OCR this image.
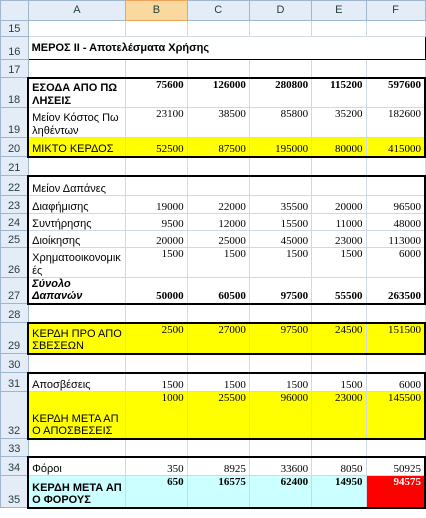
	A	B	C	D	E	F
15						
16	ΜΕΡΟΣ ΙΙ - Αποτελέσματα Χρήσης					
17						
18	ΕΣΟΔΑ ΑΠΟ ΠΩΛΗΣΕΙΣ	75600	126000	280800	115200	597600
19	Μείον Κόστος Πωληθέντων	23100	38500	85800	35200	182600
20	ΜΙΚΤΟ ΚΕΡΔΟΣ	52500	87500	195000	80000	415000
21						
22	Μείον Δαπάνες					
23	Διαφήμισης	19000	22000	35500	20000	96500
24	Συντήρησης	9500	12000	15500	11000	48000
25	Διοίκησης	20000	25000	45000	23000	113000
26	Χρηματοοικονομικές	1500	1500	1500	1500	6000
27	Σύνολο Δαπανών	50000	60500	97500	55500	263500
28						
29	ΚΕΡΔΗ ΠΡΟ ΑΠΟΣΒΕΣΕΩΝ	2500	27000	97500	24500	151500
30						
31	Αποσβέσεις	1500	1500	1500	1500	6000
32	ΚΕΡΔΗ ΜΕΤΑ ΑΠΟ ΑΠΟΣΒΕΣΕΙΣ	1000	25500	96000	23000	145500
33						
34	Φόροι	350	8925	33600	8050	50925
35	ΚΕΡΔΗ ΜΕΤΑ ΑΠΟ ΦΟΡΟΥΣ	650	16575	62400	14950	94575
